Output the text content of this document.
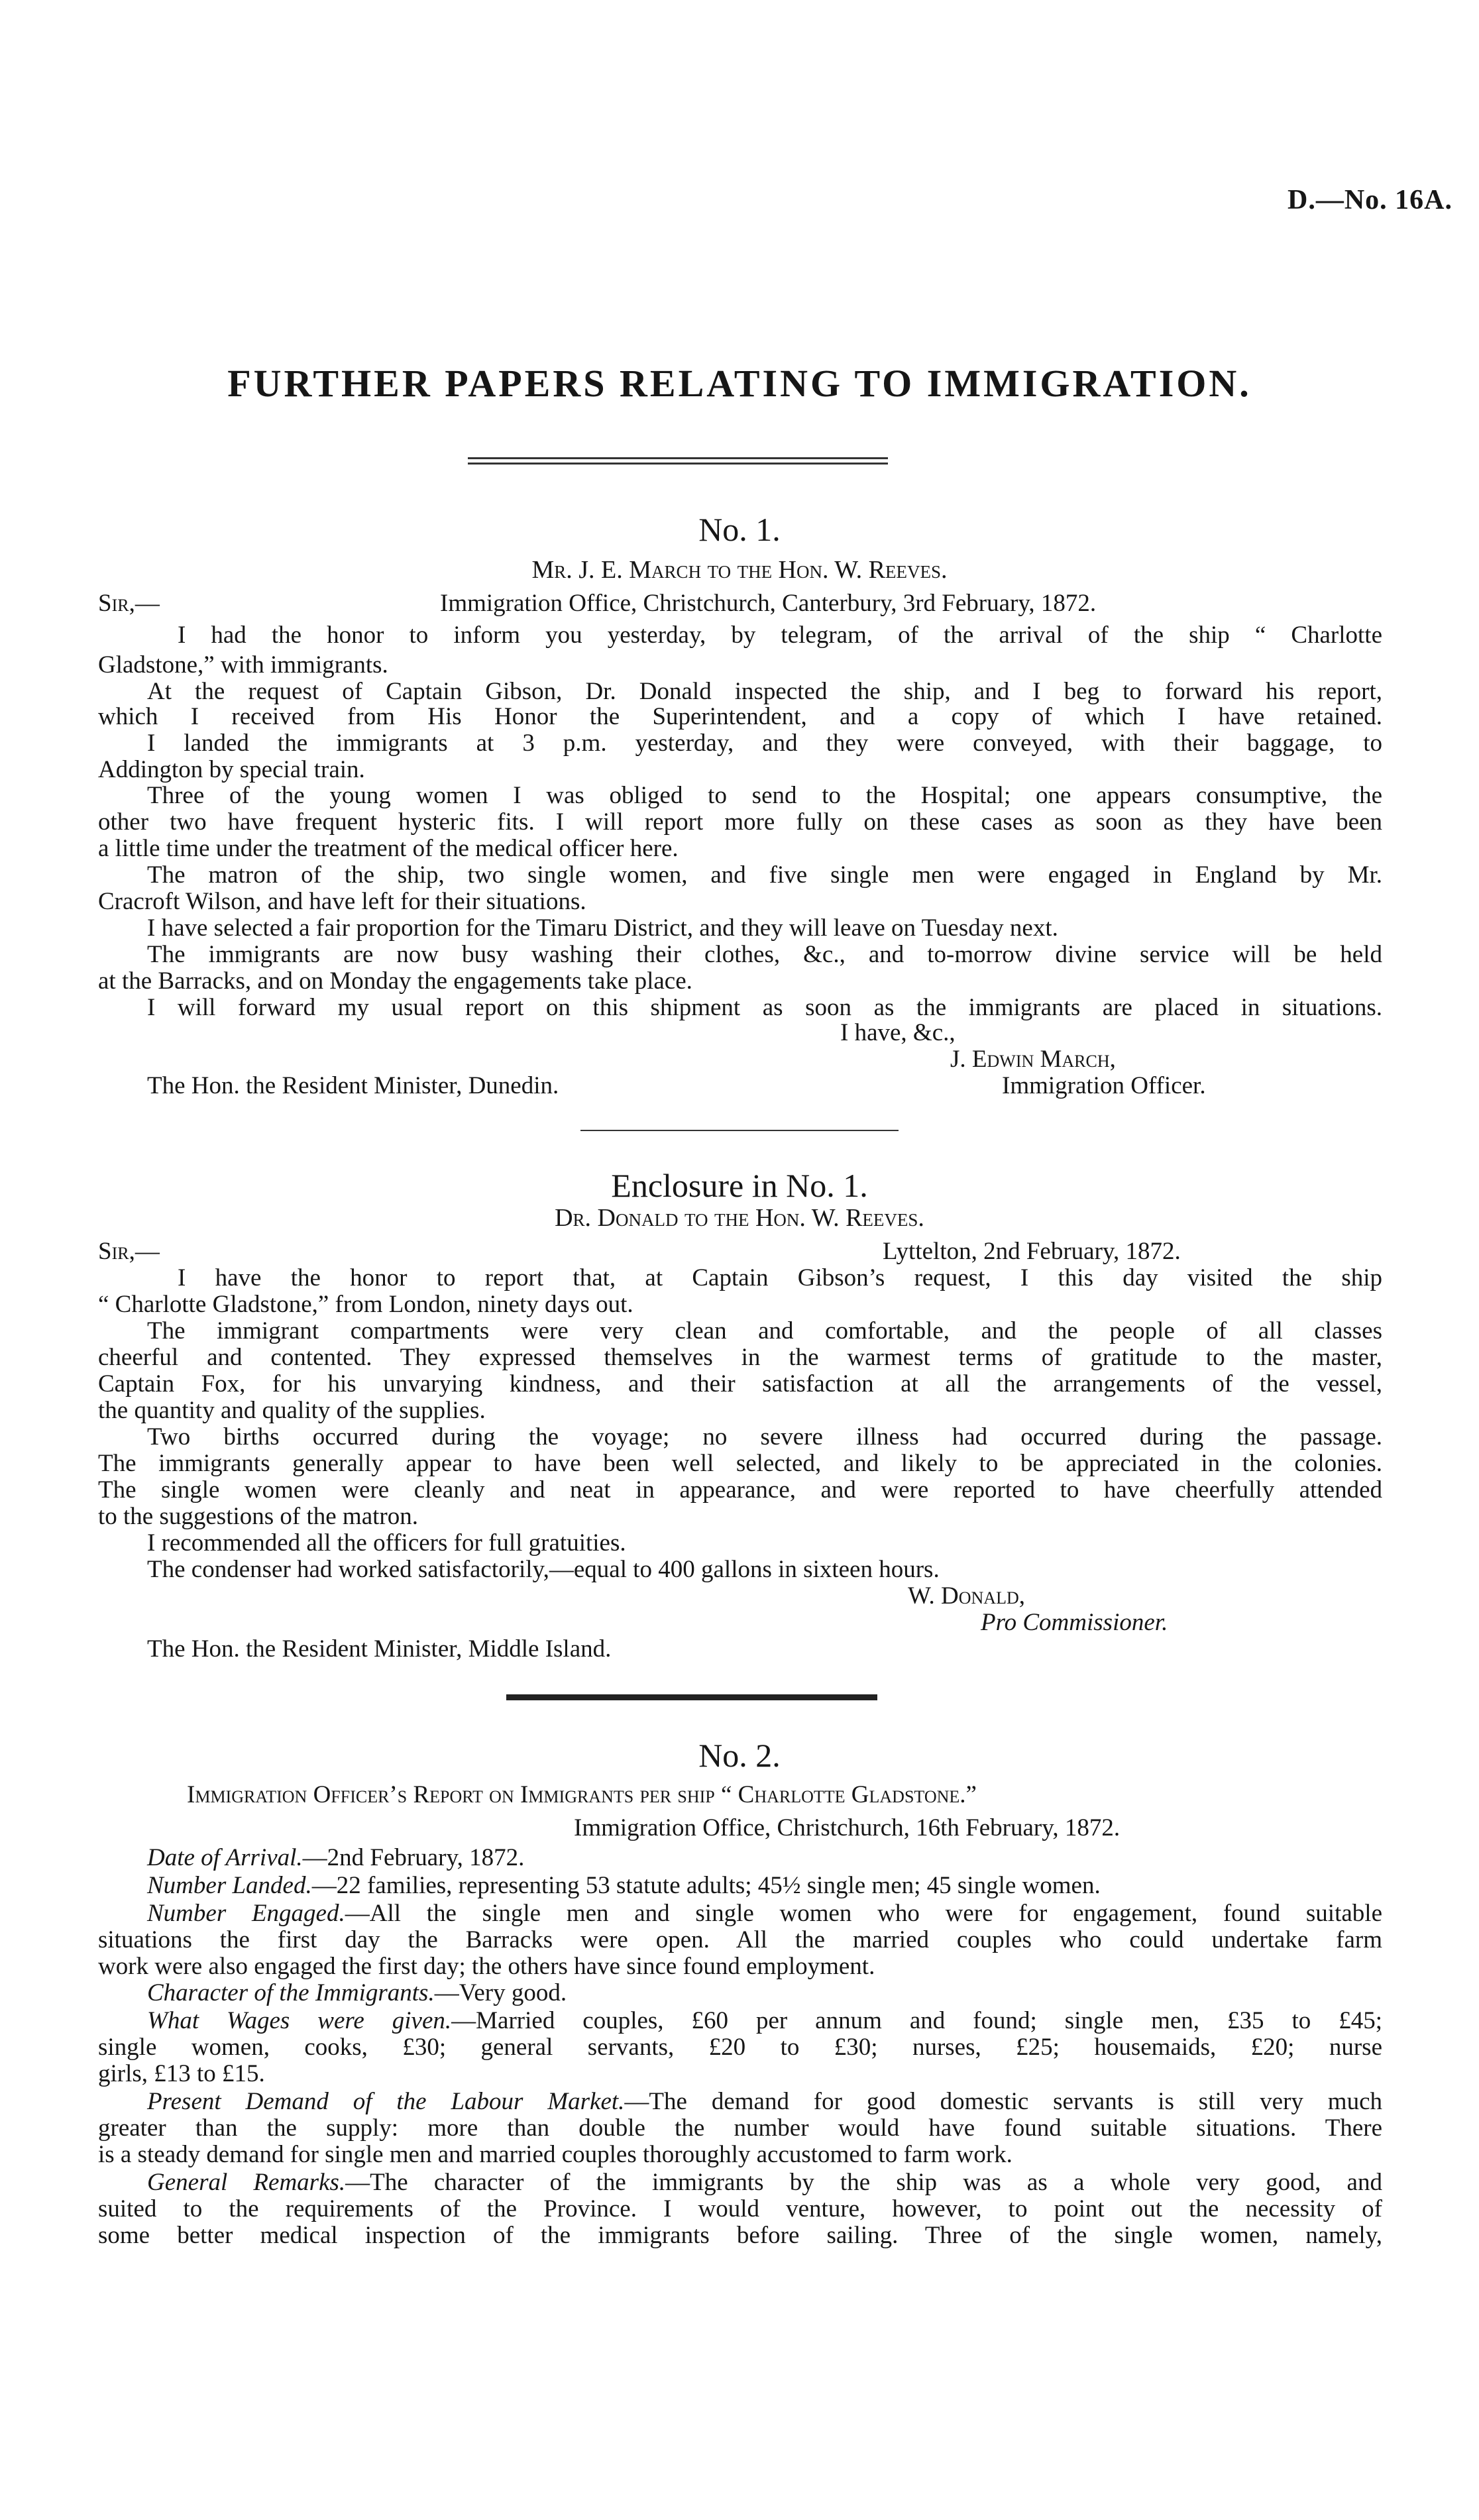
D.—No. 16A.
FURTHER PAPERS RELATING TO IMMIGRATION.
No. 1.
Mr. J. E. March to the Hon. W. Reeves.
Sir,—	Immigration Office, Christchurch, Canterbury, 3rd February, 1872.
I had the honor to inform you yesterday, by telegram, of the arrival of the ship “ Charlotte
Gladstone,” with immigrants.
At the request of Captain Gibson, Dr. Donald inspected the ship, and I beg to forward his report,
which I received from His Honor the Superintendent, and a copy of which I have retained.
I landed the immigrants at 3 p.m. yesterday, and they were conveyed, with their baggage, to
Addington by special train.
Three of the young women I was obliged to send to the Hospital; one appears consumptive, the
other two have frequent hysteric fits. I will report more fully on these cases as soon as they have been
a little time under the treatment of the medical officer here.
The matron of the ship, two single women, and five single men were engaged in England by Mr.
Cracroft Wilson, and have left for their situations.
I have selected a fair proportion for the Timaru District, and they will leave on Tuesday next.
The immigrants are now busy washing their clothes, &c., and to-morrow divine service will be held
at the Barracks, and on Monday the engagements take place.
I will forward my usual report on this shipment as soon as the immigrants are placed in situations.
I have, &c.,
J. Edwin March,
The Hon. the Resident Minister, Dunedin.	Immigration Officer.
Enclosure in No. 1.
Dr. Donald to the Hon. W. Reeves.
Sir,—	Lyttelton, 2nd February, 1872.
I have the honor to report that, at Captain Gibson’s request, I this day visited the ship
“ Charlotte Gladstone,” from London, ninety days out.
The immigrant compartments were very clean and comfortable, and the people of all classes
cheerful and contented. They expressed themselves in the warmest terms of gratitude to the master,
Captain Fox, for his unvarying kindness, and their satisfaction at all the arrangements of the vessel,
the quantity and quality of the supplies.
Two births occurred during the voyage; no severe illness had occurred during the passage.
The immigrants generally appear to have been well selected, and likely to be appreciated in the colonies.
The single women were cleanly and neat in appearance, and were reported to have cheerfully attended
to the suggestions of the matron.
I recommended all the officers for full gratuities.
The condenser had worked satisfactorily,—equal to 400 gallons in sixteen hours.
W. Donald,
Pro Commissioner.
The Hon. the Resident Minister, Middle Island.
No. 2.
Immigration Officer’s Report on Immigrants per ship “ Charlotte Gladstone.”
Immigration Office, Christchurch, 16th February, 1872.
Date of Arrival.—2nd February, 1872.
Number Landed.—22 families, representing 53 statute adults; 45½ single men; 45 single women.
Number Engaged.—All the single men and single women who were for engagement, found suitable
situations the first day the Barracks were open. All the married couples who could undertake farm
work were also engaged the first day; the others have since found employment.
Character of the Immigrants.—Very good.
What Wages were given.—Married couples, £60 per annum and found; single men, £35 to £45;
single women, cooks, £30; general servants, £20 to £30; nurses, £25; housemaids, £20; nurse
girls, £13 to £15.
Present Demand of the Labour Market.—The demand for good domestic servants is still very much
greater than the supply: more than double the number would have found suitable situations. There
is a steady demand for single men and married couples thoroughly accustomed to farm work.
General Remarks.—The character of the immigrants by the ship was as a whole very good, and
suited to the requirements of the Province. I would venture, however, to point out the necessity of
some better medical inspection of the immigrants before sailing. Three of the single women, namely,
